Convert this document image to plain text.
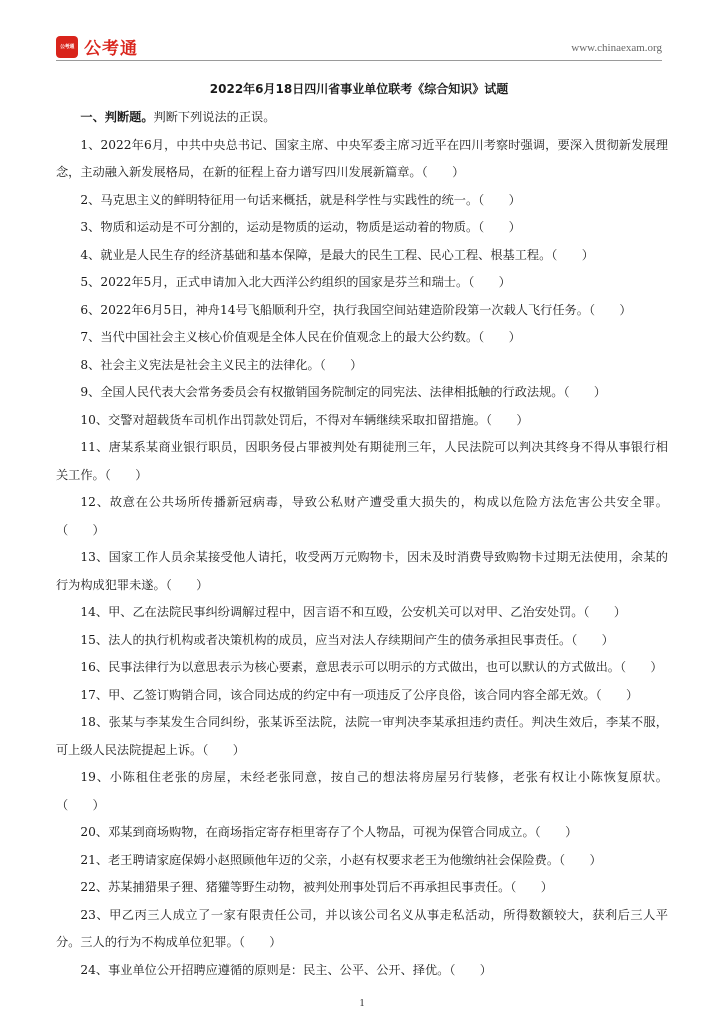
公考通 公考通	www.chinaexam.org
2022年6月18日四川省事业单位联考《综合知识》试题

一、判断题。判断下列说法的正误。

1、2022年6月，中共中央总书记、国家主席、中央军委主席习近平在四川考察时强调，要深入贯彻新发展理念，主动融入新发展格局，在新的征程上奋力谱写四川发展新篇章。（　　）

2、马克思主义的鲜明特征用一句话来概括，就是科学性与实践性的统一。（　　）

3、物质和运动是不可分割的，运动是物质的运动，物质是运动着的物质。（　　）

4、就业是人民生存的经济基础和基本保障，是最大的民生工程、民心工程、根基工程。（　　）

5、2022年5月，正式申请加入北大西洋公约组织的国家是芬兰和瑞士。（　　）

6、2022年6月5日，神舟14号飞船顺利升空，执行我国空间站建造阶段第一次载人飞行任务。（　　）

7、当代中国社会主义核心价值观是全体人民在价值观念上的最大公约数。（　　）

8、社会主义宪法是社会主义民主的法律化。（　　）

9、全国人民代表大会常务委员会有权撤销国务院制定的同宪法、法律相抵触的行政法规。（　　）

10、交警对超载货车司机作出罚款处罚后，不得对车辆继续采取扣留措施。（　　）

11、唐某系某商业银行职员，因职务侵占罪被判处有期徒刑三年，人民法院可以判决其终身不得从事银行相关工作。（　　）

12、故意在公共场所传播新冠病毒，导致公私财产遭受重大损失的，构成以危险方法危害公共安全罪。（　　）

13、国家工作人员余某接受他人请托，收受两万元购物卡，因未及时消费导致购物卡过期无法使用，余某的行为构成犯罪未遂。（　　）

14、甲、乙在法院民事纠纷调解过程中，因言语不和互殴，公安机关可以对甲、乙治安处罚。（　　）

15、法人的执行机构或者决策机构的成员，应当对法人存续期间产生的债务承担民事责任。（　　）

16、民事法律行为以意思表示为核心要素，意思表示可以明示的方式做出，也可以默认的方式做出。（　　）

17、甲、乙签订购销合同，该合同达成的约定中有一项违反了公序良俗，该合同内容全部无效。（　　）

18、张某与李某发生合同纠纷，张某诉至法院，法院一审判决李某承担违约责任。判决生效后，李某不服，可上级人民法院提起上诉。（　　）

19、小陈租住老张的房屋，未经老张同意，按自己的想法将房屋另行装修，老张有权让小陈恢复原状。（　　）

20、邓某到商场购物，在商场指定寄存柜里寄存了个人物品，可视为保管合同成立。（　　）

21、老王聘请家庭保姆小赵照顾他年迈的父亲，小赵有权要求老王为他缴纳社会保险费。（　　）

22、苏某捕猎果子狸、猪獾等野生动物，被判处刑事处罚后不再承担民事责任。（　　）

23、甲乙丙三人成立了一家有限责任公司，并以该公司名义从事走私活动，所得数额较大，获利后三人平分。三人的行为不构成单位犯罪。（　　）

24、事业单位公开招聘应遵循的原则是：民主、公平、公开、择优。（　　）

1
